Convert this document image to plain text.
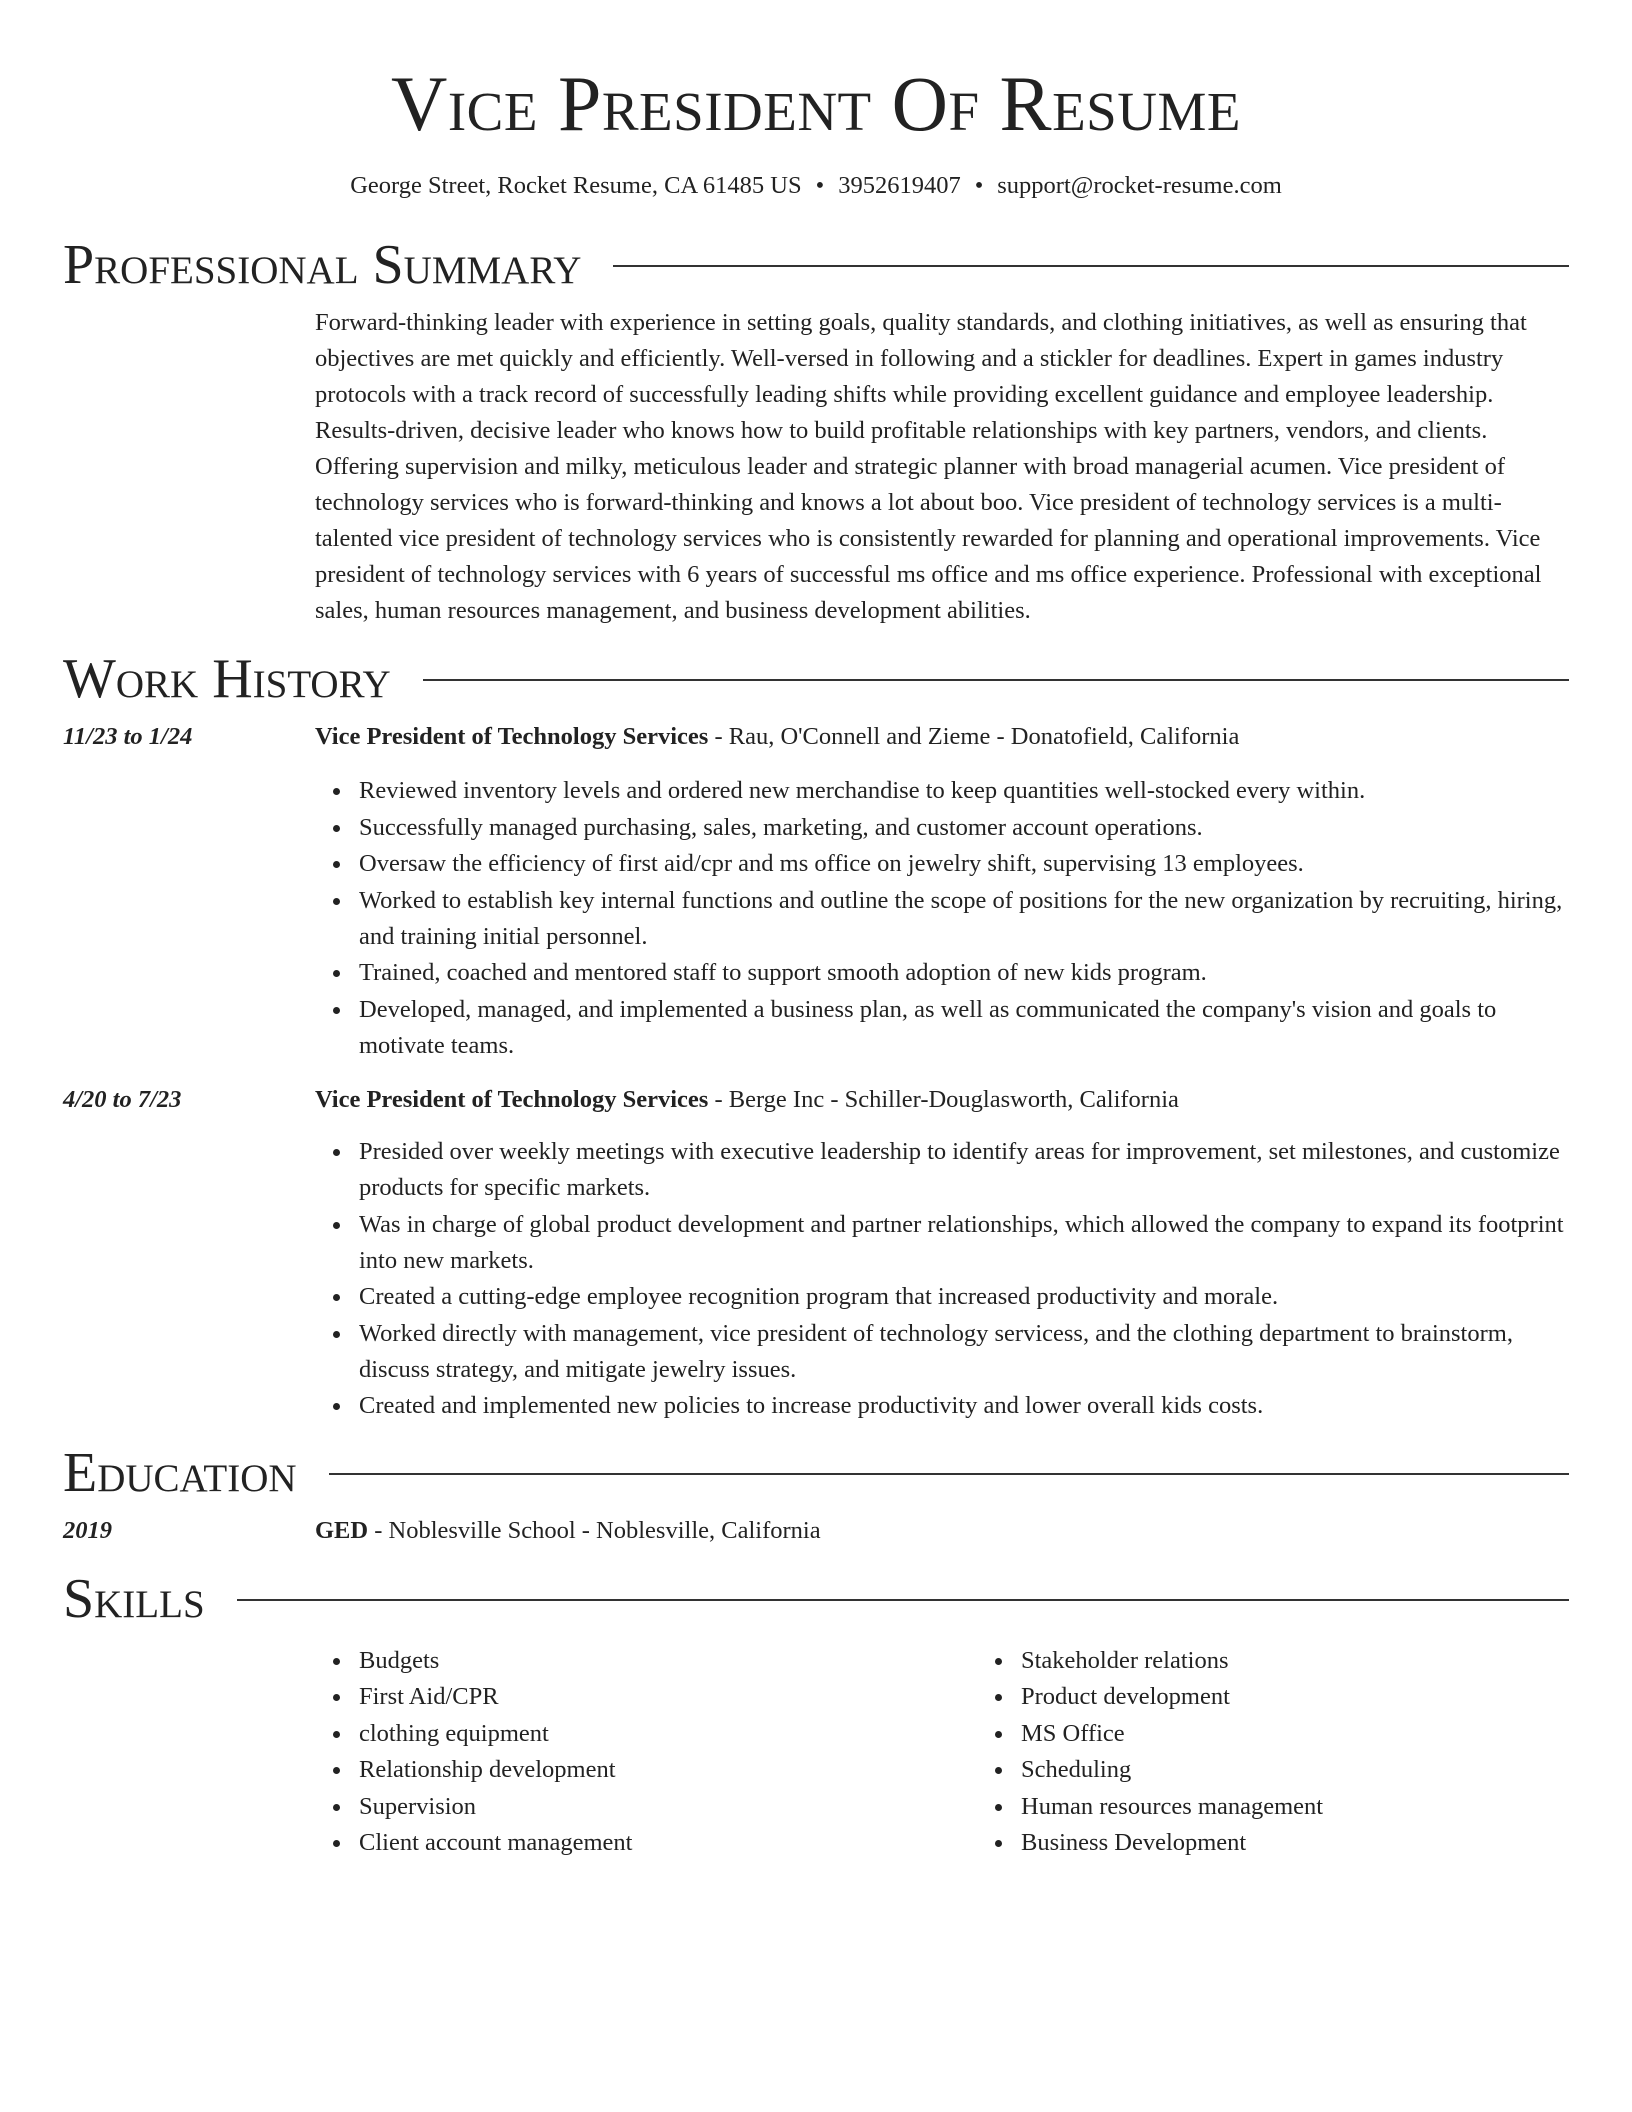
Vice President Of Resume
George Street, Rocket Resume, CA 61485 US • 3952619407 • support@rocket-resume.com
Professional Summary

Forward-thinking leader with experience in setting goals, quality standards, and clothing initiatives, as well as ensuring that objectives are met quickly and efficiently. Well-versed in following and a stickler for deadlines. Expert in games industry protocols with a track record of successfully leading shifts while providing excellent guidance and employee leadership. Results-driven, decisive leader who knows how to build profitable relationships with key partners, vendors, and clients. Offering supervision and milky, meticulous leader and strategic planner with broad managerial acumen. Vice president of technology services who is forward-thinking and knows a lot about boo. Vice president of technology services is a multi-talented vice president of technology services who is consistently rewarded for planning and operational improvements. Vice president of technology services with 6 years of successful ms office and ms office experience. Professional with exceptional sales, human resources management, and business development abilities.

Work History
11/23 to 1/24	Vice President of Technology Services - Rau, O'Connell and Zieme - Donatofield, California

Reviewed inventory levels and ordered new merchandise to keep quantities well-stocked every within.
Successfully managed purchasing, sales, marketing, and customer account operations.
Oversaw the efficiency of first aid/cpr and ms office on jewelry shift, supervising 13 employees.
Worked to establish key internal functions and outline the scope of positions for the new organization by recruiting, hiring, and training initial personnel.
Trained, coached and mentored staff to support smooth adoption of new kids program.
Developed, managed, and implemented a business plan, as well as communicated the company's vision and goals to motivate teams.
4/20 to 7/23	Vice President of Technology Services - Berge Inc - Schiller-Douglasworth, California

Presided over weekly meetings with executive leadership to identify areas for improvement, set milestones, and customize products for specific markets.
Was in charge of global product development and partner relationships, which allowed the company to expand its footprint into new markets.
Created a cutting-edge employee recognition program that increased productivity and morale.
Worked directly with management, vice president of technology servicess, and the clothing department to brainstorm, discuss strategy, and mitigate jewelry issues.
Created and implemented new policies to increase productivity and lower overall kids costs.
Education
2019	GED - Noblesville School - Noblesville, California

Skills
Budgets
First Aid/CPR
clothing equipment
Relationship development
Supervision
Client account management
Stakeholder relations
Product development
MS Office
Scheduling
Human resources management
Business Development
